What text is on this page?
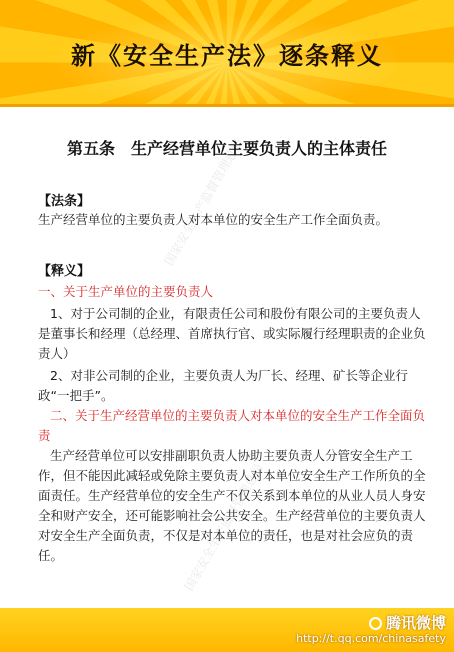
新《安全生产法》逐条释义
国家安全生产监督管理总局
国家安全生产监督管理总局
第五条　生产经营单位主要负责人的主体责任
【法条】
生产经营单位的主要负责人对本单位的安全生产工作全面负责。
【释义】
一、关于生产单位的主要负责人
1、对于公司制的企业，有限责任公司和股份有限公司的主要负责人是董事长和经理（总经理、首席执行官、或实际履行经理职责的企业负责人）
2、对非公司制的企业，主要负责人为厂长、经理、矿长等企业行政“一把手”。
二、关于生产经营单位的主要负责人对本单位的安全生产工作全面负责
生产经营单位可以安排副职负责人协助主要负责人分管安全生产工作，但不能因此减轻或免除主要负责人对本单位安全生产工作所负的全面责任。生产经营单位的安全生产不仅关系到本单位的从业人员人身安全和财产安全，还可能影响社会公共安全。生产经营单位的主要负责人对安全生产全面负责，不仅是对本单位的责任，也是对社会应负的责任。
腾讯微博
http://t.qq.com/chinasafety
